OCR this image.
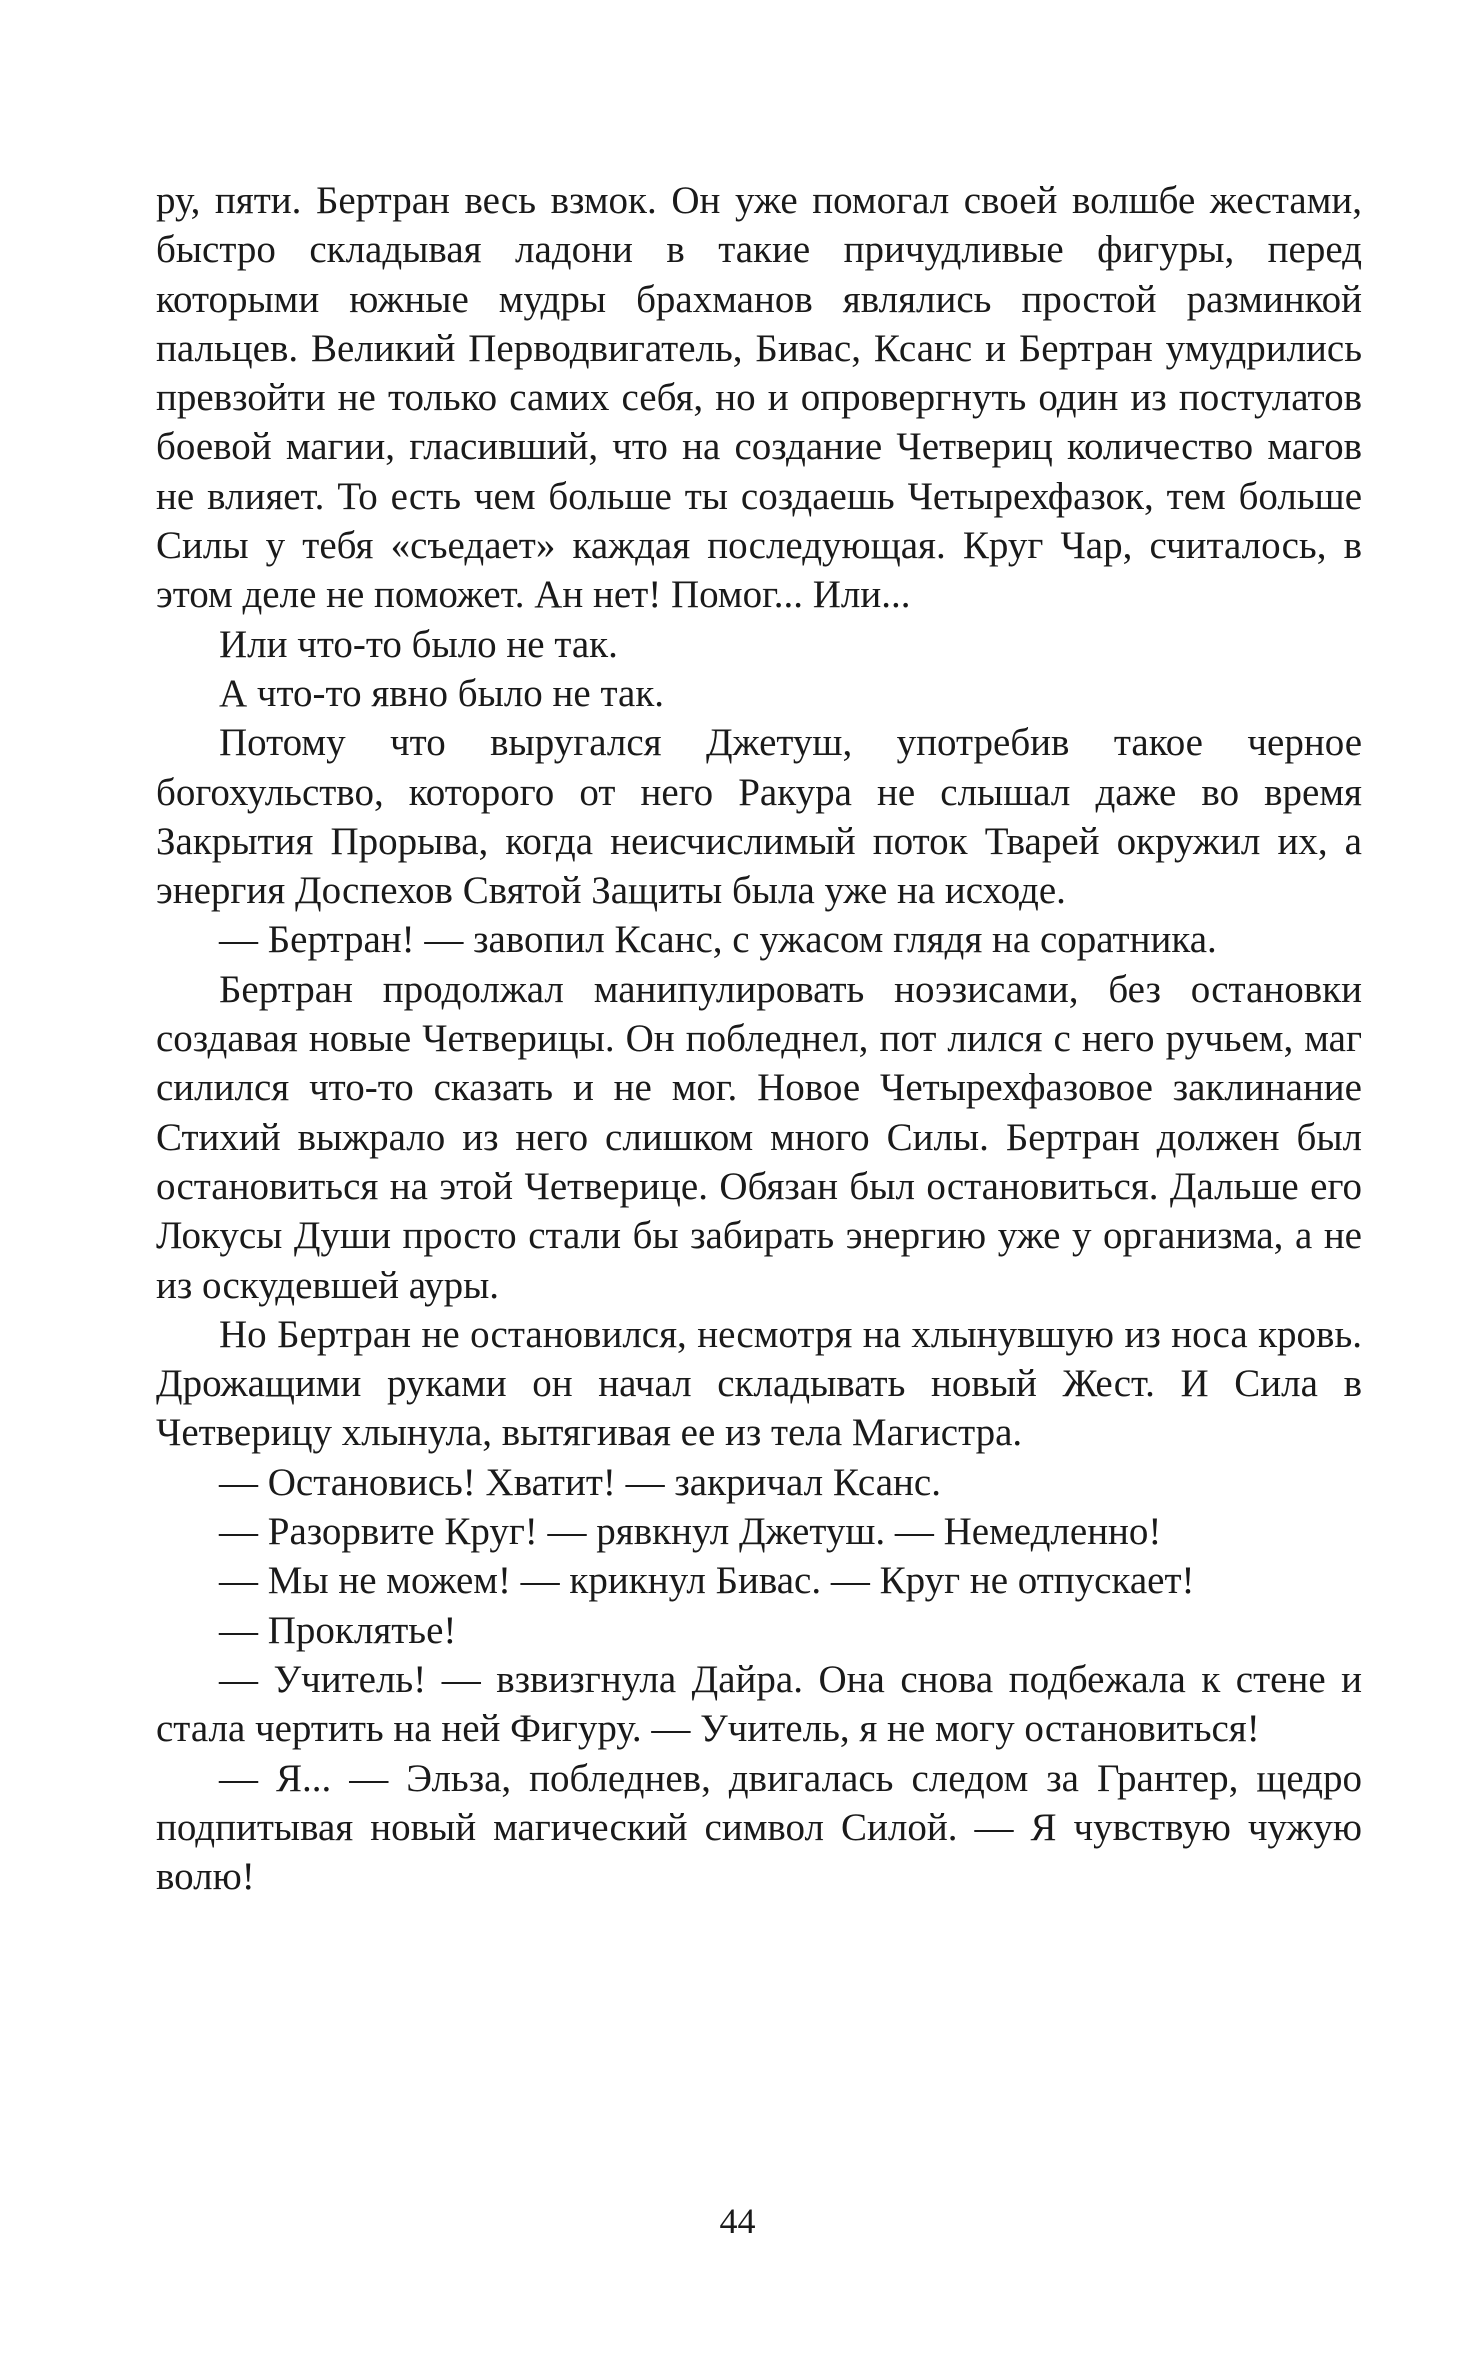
ру, пяти. Бертран весь взмок. Он уже помогал своей волшбе жестами, быстро складывая ладони в такие причудливые фигуры, перед которыми южные мудры брахманов являлись простой разминкой пальцев. Великий Перводвигатель, Бивас, Ксанс и Бертран умудрились превзойти не только самих себя, но и опровергнуть один из постулатов боевой магии, гласивший, что на создание Четвериц количество магов не влияет. То есть чем больше ты создаешь Четырехфазок, тем больше Силы у тебя «съедает» каждая последующая. Круг Чар, считалось, в этом деле не поможет. Ан нет! Помог... Или...

Или что-то было не так.

А что-то явно было не так.

Потому что выругался Джетуш, употребив такое черное богохульство, которого от него Ракура не слышал даже во время Закрытия Прорыва, когда неисчислимый поток Тварей окружил их, а энергия Доспехов Святой Защиты была уже на исходе.

— Бертран! — завопил Ксанс, с ужасом глядя на соратника.

Бертран продолжал манипулировать ноэзисами, без остановки создавая новые Четверицы. Он побледнел, пот лился с него ручьем, маг силился что-то сказать и не мог. Новое Четырехфазовое заклинание Стихий выжрало из него слишком много Силы. Бертран должен был остановиться на этой Четверице. Обязан был остановиться. Дальше его Локусы Души просто стали бы забирать энергию уже у организма, а не из оскудевшей ауры.

Но Бертран не остановился, несмотря на хлынувшую из носа кровь. Дрожащими руками он начал складывать новый Жест. И Сила в Четверицу хлынула, вытягивая ее из тела Магистра.

— Остановись! Хватит! — закричал Ксанс.

— Разорвите Круг! — рявкнул Джетуш. — Немедленно!

— Мы не можем! — крикнул Бивас. — Круг не отпускает!

— Проклятье!

— Учитель! — взвизгнула Дайра. Она снова подбежала к стене и стала чертить на ней Фигуру. — Учитель, я не могу остановиться!

— Я... — Эльза, побледнев, двигалась следом за Грантер, щедро подпитывая новый магический символ Силой. — Я чувствую чужую волю!

44
